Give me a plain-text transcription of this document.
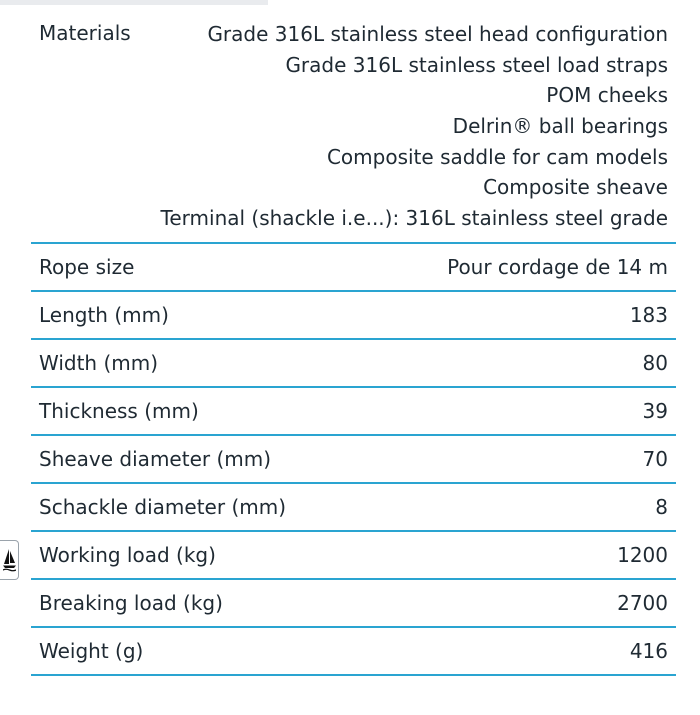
Materials	Grade 316L stainless steel head configuration
Grade 316L stainless steel load straps
POM cheeks
Delrin® ball bearings
Composite saddle for cam models
Composite sheave
Terminal (shackle i.e...): 316L stainless steel grade
Rope size	Pour cordage de 14 m
Length (mm)	183
Width (mm)	80
Thickness (mm)	39
Sheave diameter (mm)	70
Schackle diameter (mm)	8
Working load (kg)	1200
Breaking load (kg)	2700
Weight (g)	416
